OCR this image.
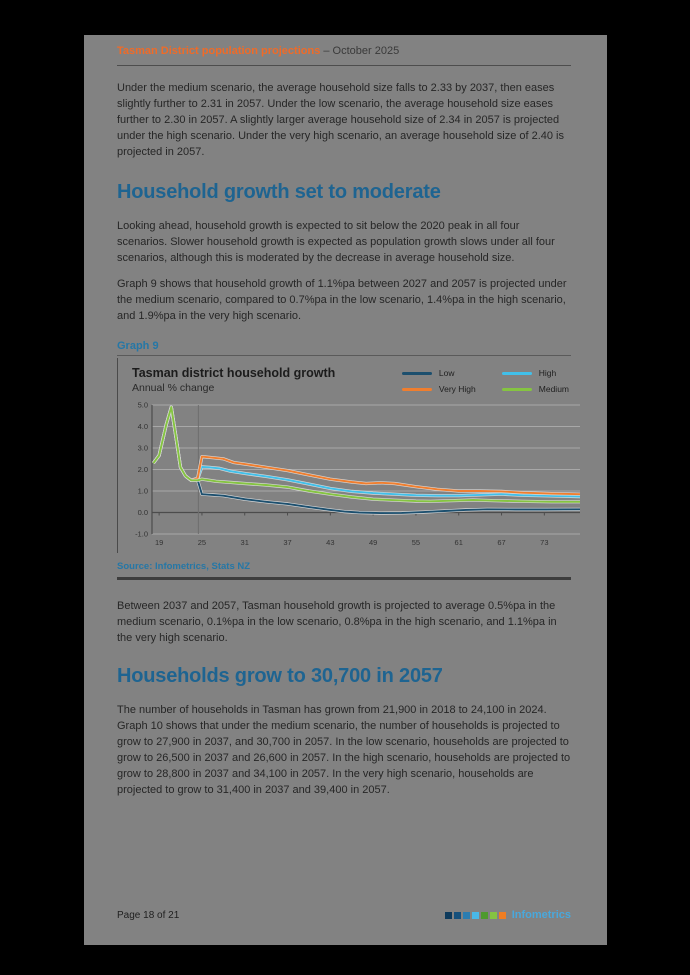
Tasman District population projections – October 2025

Under the medium scenario, the average household size falls to 2.33 by 2037, then eases slightly further to 2.31 in 2057. Under the low scenario, the average household size eases further to 2.30 in 2057. A slightly larger average household size of 2.34 in 2057 is projected under the high scenario. Under the very high scenario, an average household size of 2.40 is projected in 2057.

Household growth set to moderate

Looking ahead, household growth is expected to sit below the 2020 peak in all four scenarios. Slower household growth is expected as population growth slows under all four scenarios, although this is moderated by the decrease in average household size.

Graph 9 shows that household growth of 1.1%pa between 2027 and 2057 is projected under the medium scenario, compared to 0.7%pa in the low scenario, 1.4%pa in the high scenario, and 1.9%pa in the very high scenario.

Graph 9
Tasman district household growth
Annual % change
Low	High
Very High	Medium
5.0
4.0
3.0
2.0
1.0
0.0
-1.0
19	25	31	37	43	49	55	61	67	73
Source: Infometrics, Stats NZ

Between 2037 and 2057, Tasman household growth is projected to average 0.5%pa in the medium scenario, 0.1%pa in the low scenario, 0.8%pa in the high scenario, and 1.1%pa in the very high scenario.

Households grow to 30,700 in 2057

The number of households in Tasman has grown from 21,900 in 2018 to 24,100 in 2024. Graph 10 shows that under the medium scenario, the number of households is projected to grow to 27,900 in 2037, and 30,700 in 2057. In the low scenario, households are projected to grow to 26,500 in 2037 and 26,600 in 2057. In the high scenario, households are projected to grow to 28,800 in 2037 and 34,100 in 2057. In the very high scenario, households are projected to grow to 31,400 in 2037 and 39,400 in 2057.

Page 18 of 21	Infometrics
